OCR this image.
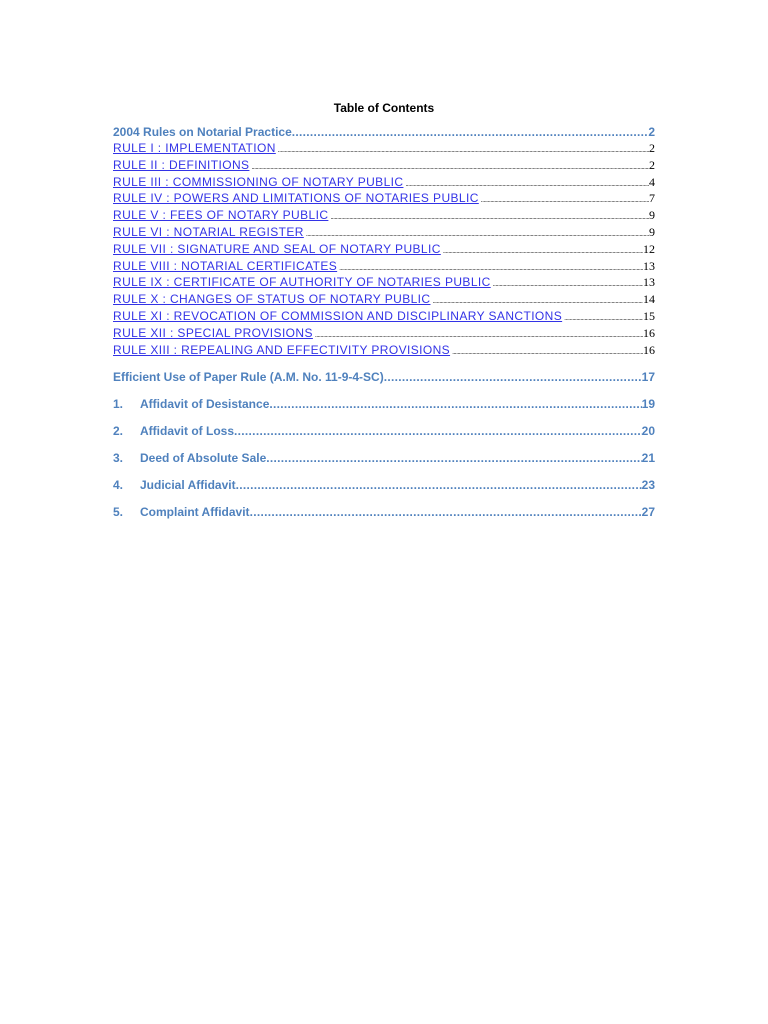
Table of Contents
2004 Rules on Notarial Practice .....	2
RULE I : IMPLEMENTATION .....	2
RULE II : DEFINITIONS .....	2
RULE III : COMMISSIONING OF NOTARY PUBLIC .....	4
RULE IV : POWERS AND LIMITATIONS OF NOTARIES PUBLIC .....	7
RULE V : FEES OF NOTARY PUBLIC .....	9
RULE VI : NOTARIAL REGISTER .....	9
RULE VII : SIGNATURE AND SEAL OF NOTARY PUBLIC .....	12
RULE VIII : NOTARIAL CERTIFICATES .....	13
RULE IX : CERTIFICATE OF AUTHORITY OF NOTARIES PUBLIC .....	13
RULE X : CHANGES OF STATUS OF NOTARY PUBLIC .....	14
RULE XI : REVOCATION OF COMMISSION AND DISCIPLINARY SANCTIONS .....	15
RULE XII : SPECIAL PROVISIONS .....	16
RULE XIII : REPEALING AND EFFECTIVITY PROVISIONS .....	16
Efficient Use of Paper Rule (A.M. No. 11-9-4-SC) .....	17
1.	Affidavit of Desistance .....	19
2.	Affidavit of Loss .....	20
3.	Deed of Absolute Sale .....	21
4.	Judicial Affidavit .....	23
5.	Complaint Affidavit .....	27
